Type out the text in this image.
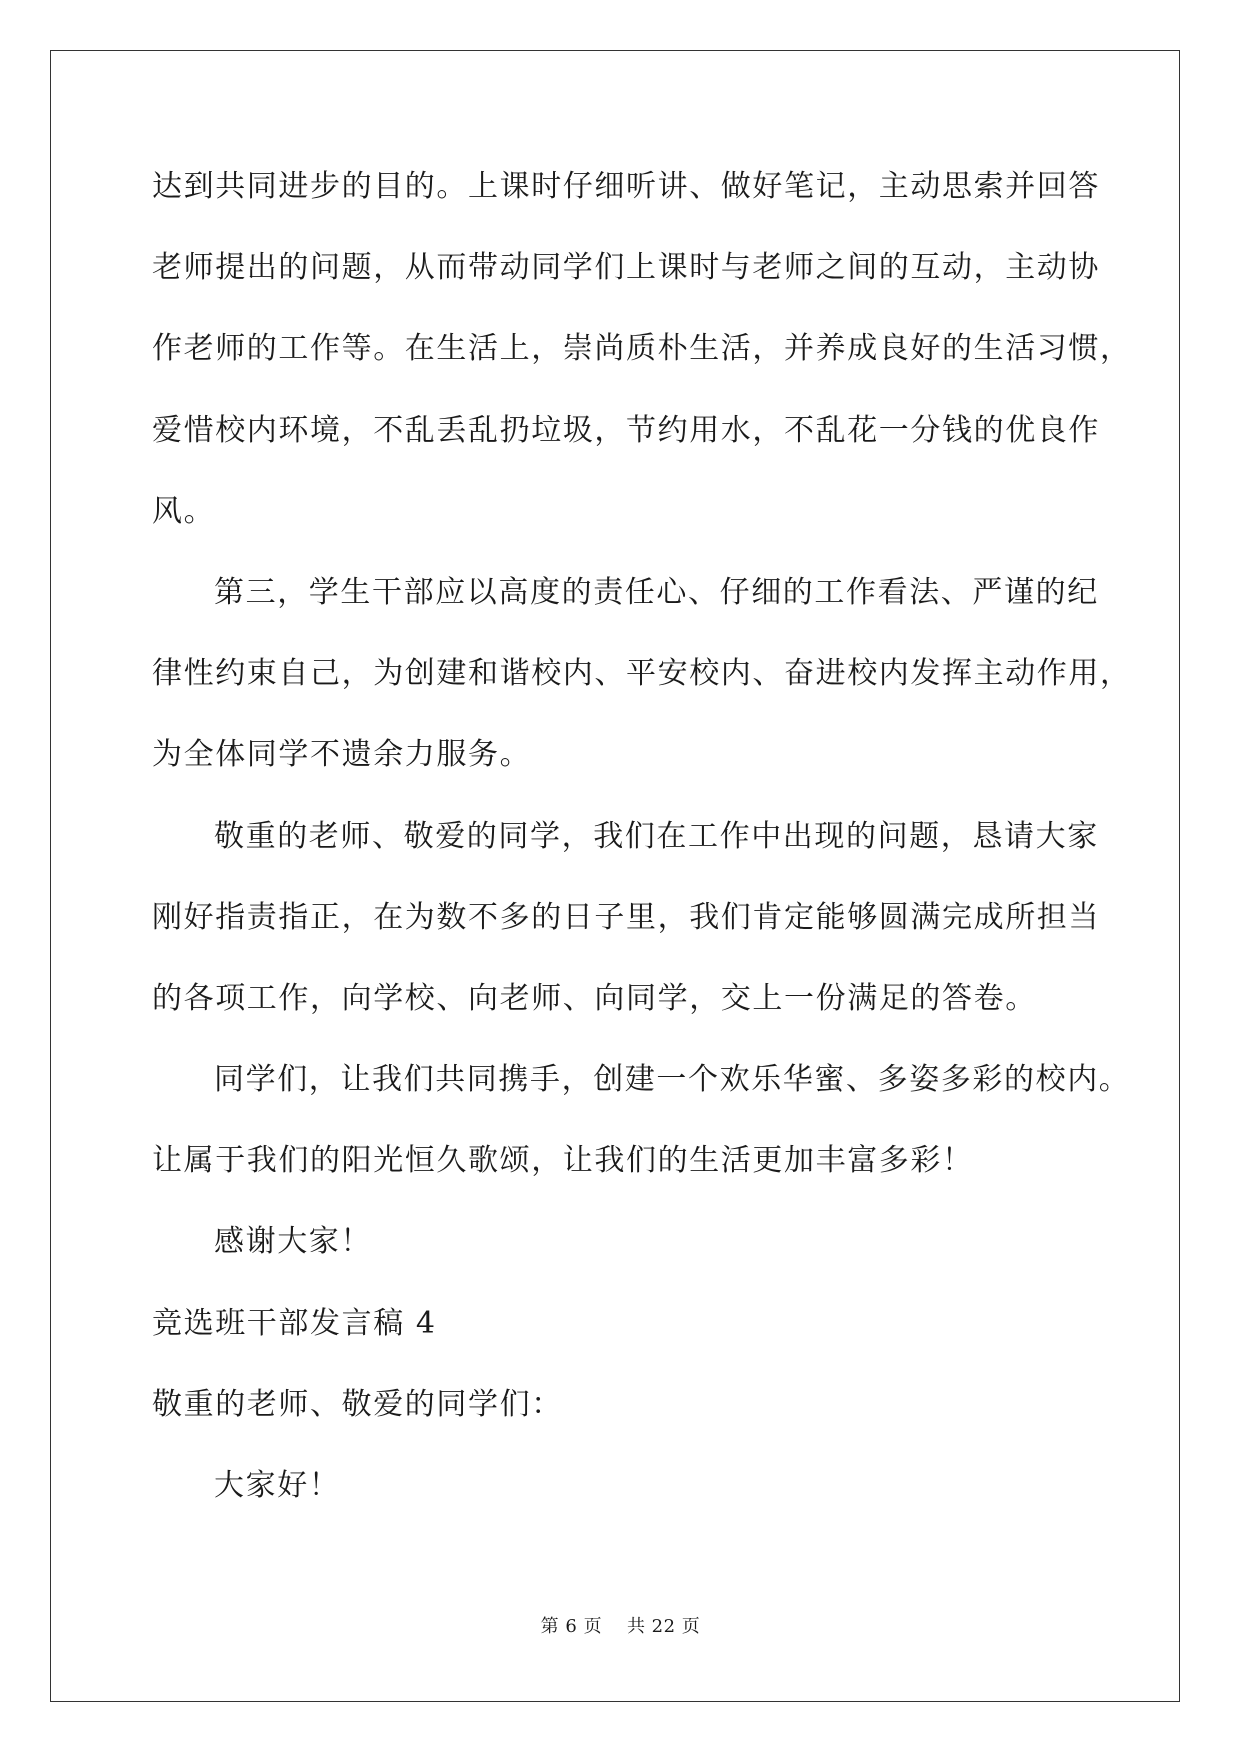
达到共同进步的目的。上课时仔细听讲、做好笔记，主动思索并回答
老师提出的问题，从而带动同学们上课时与老师之间的互动，主动协
作老师的工作等。在生活上，崇尚质朴生活，并养成良好的生活习惯，
爱惜校内环境，不乱丢乱扔垃圾，节约用水，不乱花一分钱的优良作
风。
第三，学生干部应以高度的责任心、仔细的工作看法、严谨的纪
律性约束自己，为创建和谐校内、平安校内、奋进校内发挥主动作用，
为全体同学不遗余力服务。
敬重的老师、敬爱的同学，我们在工作中出现的问题，恳请大家
刚好指责指正，在为数不多的日子里，我们肯定能够圆满完成所担当
的各项工作，向学校、向老师、向同学，交上一份满足的答卷。
同学们，让我们共同携手，创建一个欢乐华蜜、多姿多彩的校内。
让属于我们的阳光恒久歌颂，让我们的生活更加丰富多彩！
感谢大家！
竞选班干部发言稿 4
敬重的老师、敬爱的同学们：
大家好！
第 6 页    共 22 页
